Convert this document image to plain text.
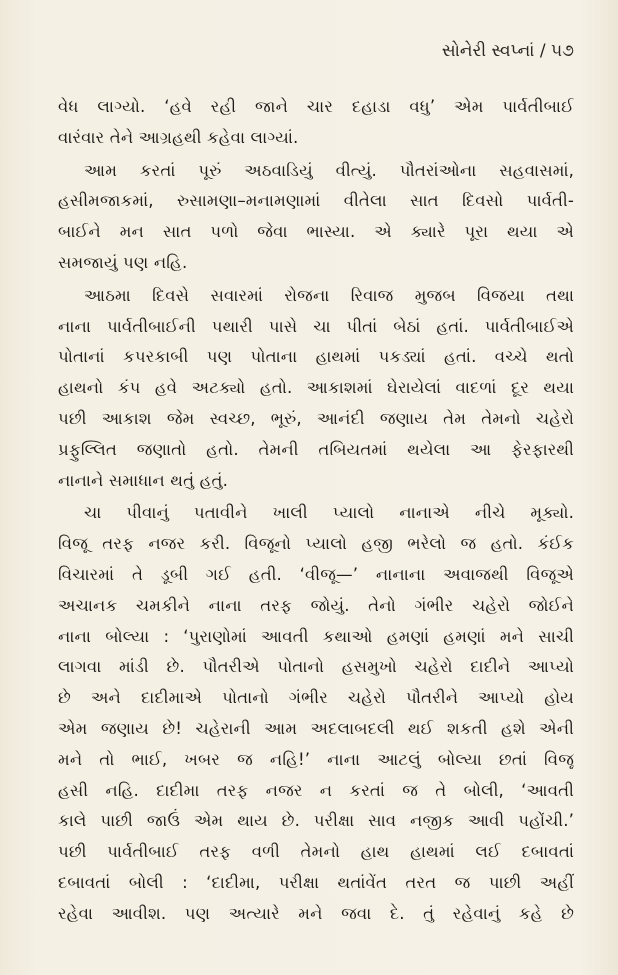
સોનેરી સ્વપ્નાં / ૫૭
વેધ લાગ્યો. ‘હવે રહી જાને ચાર દહાડા વધુ’ એમ પાર્વતીબાઈ
વારંવાર તેને આગ્રહથી કહેવા લાગ્યાં.
આમ કરતાં પૂરું અઠવાડિયું વીત્યું. પૌતરાંઓના સહવાસમાં,
હસીમજાકમાં, રુસામણા–મનામણામાં વીતેલા સાત દિવસો પાર્વતી-
બાઈને મન સાત પળો જેવા ભાસ્યા. એ ક્યારે પૂરા થયા એ
સમજાયું પણ નહિ.
આઠમા દિવસે સવારમાં રોજના રિવાજ મુજબ વિજયા તથા
નાના પાર્વતીબાઈની પથારી પાસે ચા પીતાં બેઠાં હતાં. પાર્વતીબાઈએ
પોતાનાં કપરકાબી પણ પોતાના હાથમાં પકડ્યાં હતાં. વચ્ચે થતો
હાથનો કંપ હવે અટક્યો હતો. આકાશમાં ઘેરાયેલાં વાદળાં દૂર થયા
પછી આકાશ જેમ સ્વચ્છ, ભૂરું, આનંદી જણાય તેમ તેમનો ચહેરો
પ્રફુલ્લિત જણાતો હતો. તેમની તબિયતમાં થયેલા આ ફેરફારથી
નાનાને સમાધાન થતું હતું.
ચા પીવાનું પતાવીને ખાલી પ્યાલો નાનાએ નીચે મૂક્યો.
વિજૂ તરફ નજર કરી. વિજૂનો પ્યાલો હજી ભરેલો જ હતો. કંઈક
વિચારમાં તે ડૂબી ગઈ હતી. ‘વીજૂ—’ નાનાના અવાજથી વિજૂએ
અચાનક ચમકીને નાના તરફ જોયું. તેનો ગંભીર ચહેરો જોઈને
નાના બોલ્યા : ‘પુરાણોમાં આવતી કથાઓ હમણાં હમણાં મને સાચી
લાગવા માંડી છે. પૌતરીએ પોતાનો હસમુખો ચહેરો દાદીને આપ્યો
છે અને દાદીમાએ પોતાનો ગંભીર ચહેરો પૌતરીને આપ્યો હોય
એમ જણાય છે! ચહેરાની આમ અદલાબદલી થઈ શકતી હશે એની
મને તો ભાઈ, ખબર જ નહિ!’ નાના આટલું બોલ્યા છતાં વિજૂ
હસી નહિ. દાદીમા તરફ નજર ન કરતાં જ તે બોલી, ‘આવતી
કાલે પાછી જાઉં એમ થાય છે. પરીક્ષા સાવ નજીક આવી પહોંચી.’
પછી પાર્વતીબાઈ તરફ વળી તેમનો હાથ હાથમાં લઈ દબાવતાં
દબાવતાં બોલી : ‘દાદીમા, પરીક્ષા થતાંવેંત તરત જ પાછી અહીં
રહેવા આવીશ. પણ અત્યારે મને જવા દે. તું રહેવાનું કહે છે
